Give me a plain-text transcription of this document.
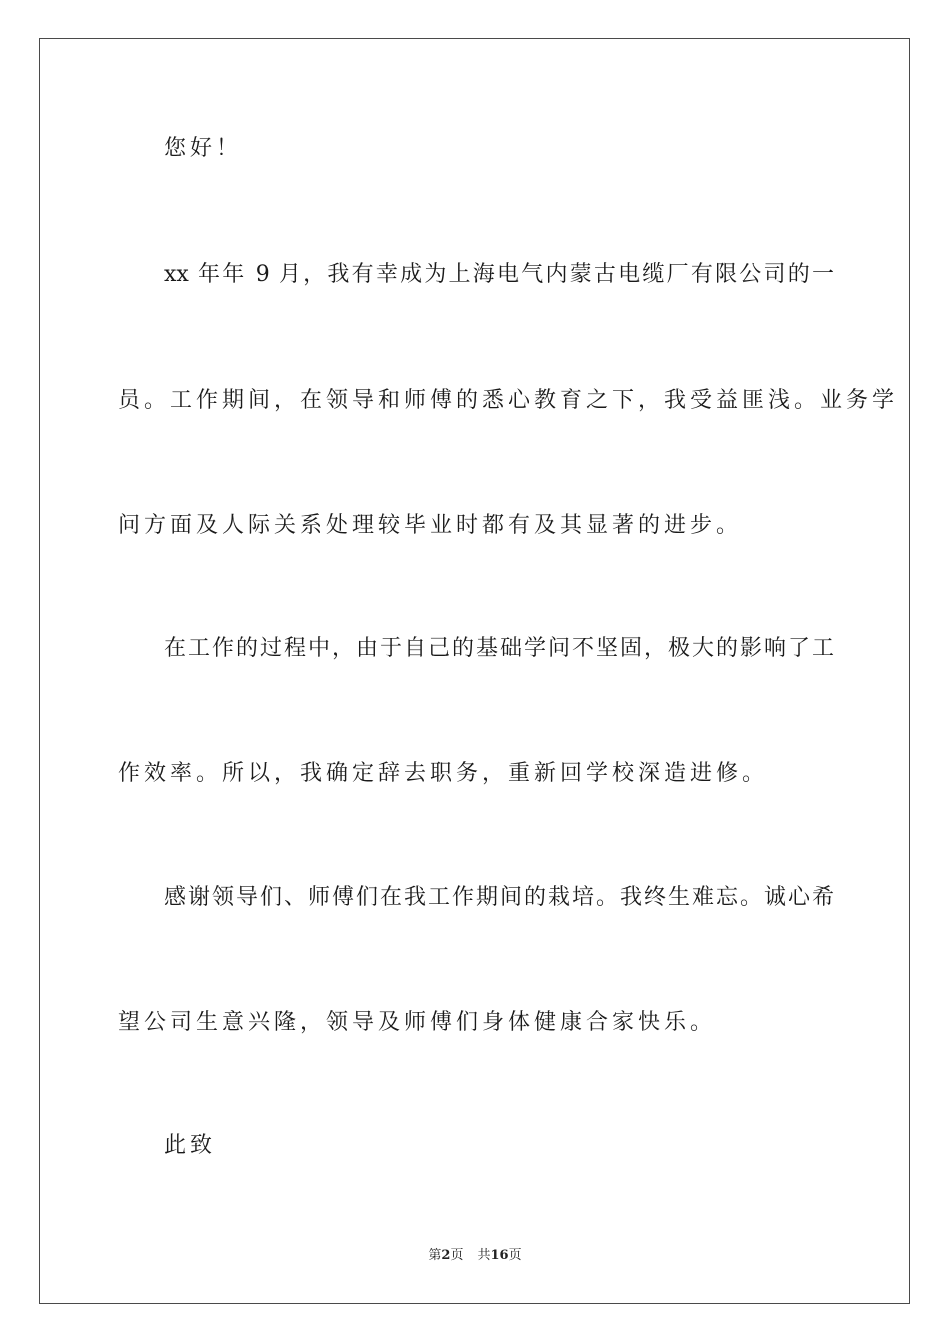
您好！
xx 年年 9 月，我有幸成为上海电气内蒙古电缆厂有限公司的一
员。工作期间，在领导和师傅的悉心教育之下，我受益匪浅。业务学
问方面及人际关系处理较毕业时都有及其显著的进步。
在工作的过程中，由于自己的基础学问不坚固，极大的影响了工
作效率。所以，我确定辞去职务，重新回学校深造进修。
感谢领导们、师傅们在我工作期间的栽培。我终生难忘。诚心希
望公司生意兴隆，领导及师傅们身体健康合家快乐。
此致
第2页 共16页
